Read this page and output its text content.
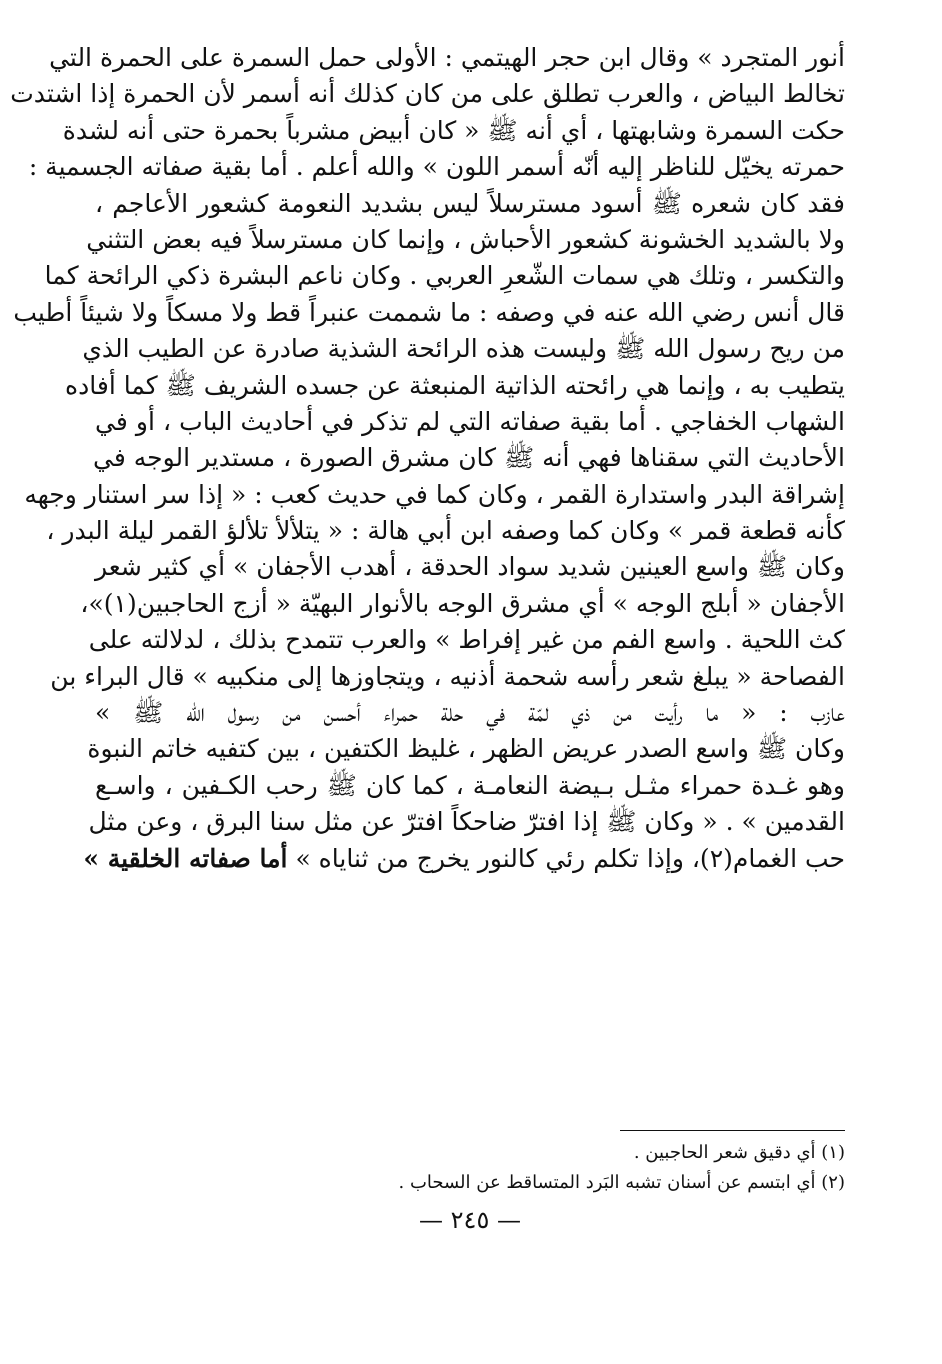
أنور المتجرد » وقال ابن حجر الهيتمي : الأولى حمل السمرة على الحمرة التي
تخالط البياض ، والعرب تطلق على من كان كذلك أنه أسمر لأن الحمرة إذا اشتدت
حكت السمرة وشابهتها ، أي أنه ﷺ « كان أبيض مشرباً بحمرة حتى أنه لشدة
حمرته يخيّل للناظر إليه أنّه أسمر اللون » والله أعلم . أما بقية صفاته الجسمية :
فقد كان شعره ﷺ أسود مسترسلاً ليس بشديد النعومة كشعور الأعاجم ،
ولا بالشديد الخشونة كشعور الأحباش ، وإنما كان مسترسلاً فيه بعض التثني
والتكسر ، وتلك هي سمات الشّعرِ العربي . وكان ناعم البشرة ذكي الرائحة كما
قال أنس رضي الله عنه في وصفه : ما شممت عنبراً قط ولا مسكاً ولا شيئاً أطيب
من ريح رسول الله ﷺ وليست هذه الرائحة الشذية صادرة عن الطيب الذي
يتطيب به ، وإنما هي رائحته الذاتية المنبعثة عن جسده الشريف ﷺ كما أفاده
الشهاب الخفاجي . أما بقية صفاته التي لم تذكر في أحاديث الباب ، أو في
الأحاديث التي سقناها فهي أنه ﷺ كان مشرق الصورة ، مستدير الوجه في
إشراقة البدر واستدارة القمر ، وكان كما في حديث كعب : « إذا سر استنار وجهه
كأنه قطعة قمر » وكان كما وصفه ابن أبي هالة : « يتلألأ تلألؤ القمر ليلة البدر ،
وكان ﷺ واسع العينين شديد سواد الحدقة ، أهدب الأجفان » أي كثير شعر
الأجفان « أبلج الوجه » أي مشرق الوجه بالأنوار البهيّة « أزج الحاجبين(١)»،
كث اللحية . واسع الفم من غير إفراط » والعرب تتمدح بذلك ، لدلالته على
الفصاحة « يبلغ شعر رأسه شحمة أذنيه ، ويتجاوزها إلى منكبيه » قال البراء بن
عازب : « ما رأيت من ذي لمّة في حلة حمراء أحسن من رسول الله ﷺ »
وكان ﷺ واسع الصدر عريض الظهر ، غليظ الكتفين ، بين كتفيه خاتم النبوة
وهو غـدة حمراء مثـل بـيضة النعامـة ، كما كان ﷺ رحب الكـفين ، واسـع
القدمين » . « وكان ﷺ إذا افترّ ضاحكاً افترّ عن مثل سنا البرق ، وعن مثل
حب الغمام(٢)، وإذا تكلم رئي كالنور يخرج من ثناياه » أما صفاته الخلقية »
(١) أي دقيق شعر الحاجبين .
(٢) أي ابتسم عن أسنان تشبه البَرد المتساقط عن السحاب .
— ٢٤٥ —
